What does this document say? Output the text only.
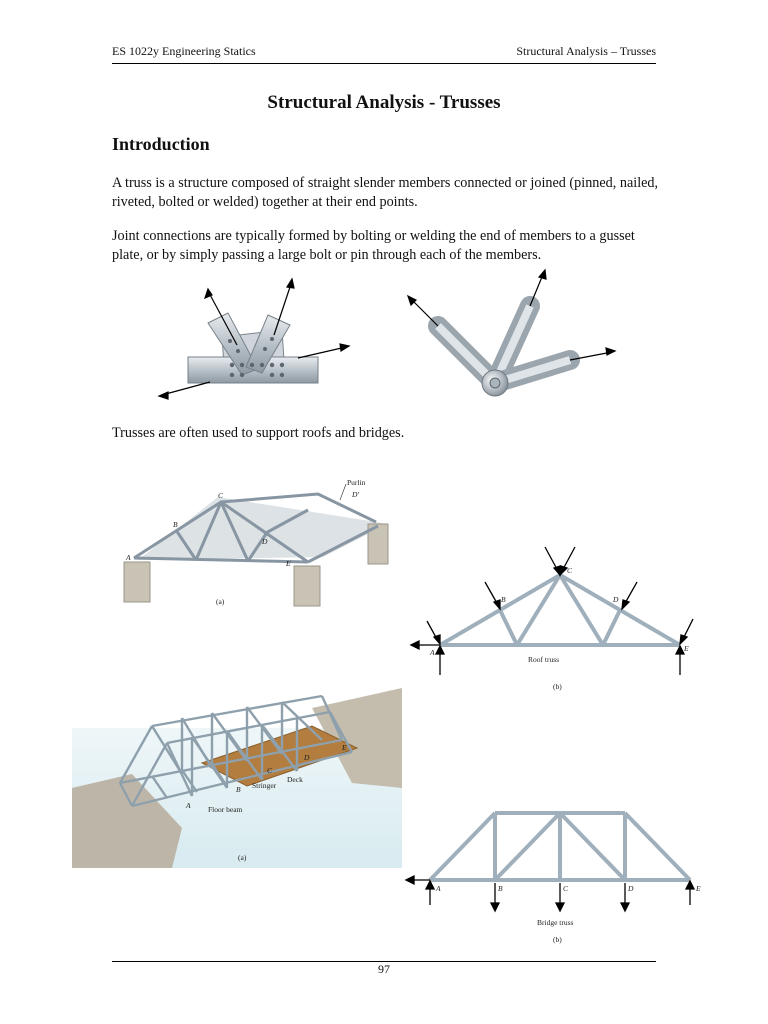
ES 1022y Engineering Statics	Structural Analysis – Trusses
Structural Analysis - Trusses
Introduction
A truss is a structure composed of straight slender members connected or joined (pinned, nailed, riveted, bolted or welded) together at their end points.
Joint connections are typically formed by bolting or welding the end of members to a gusset plate, or by simply passing a large bolt or pin through each of the members.
Trusses are often used to support roofs and bridges.
A
B
C
D
D'
E
Purlin
(a)
A
B
C
D
E
Roof truss
(b)
A
B
C
D
E
Deck
Stringer
Floor beam
(a)
A	B	C	D	E
Bridge truss
(b)
97
